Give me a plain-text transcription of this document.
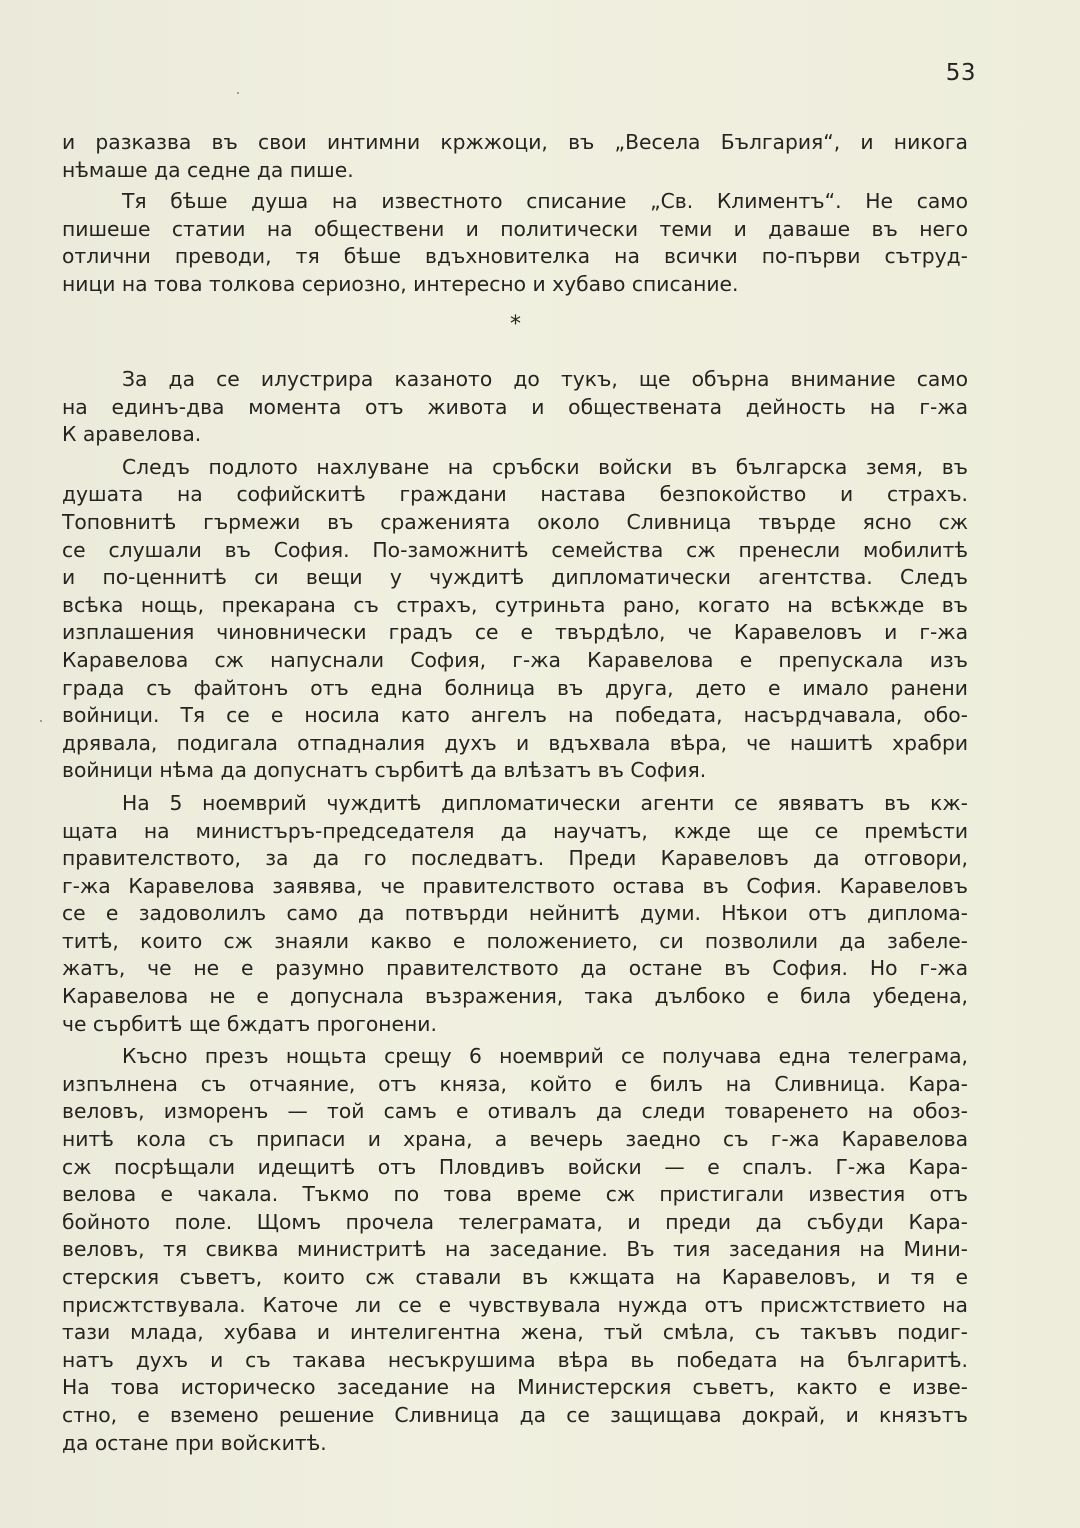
53
и разказва въ свои интимни кржжоци, въ „Весела България“, и никога
нѣмаше да седне да пише.
Тя бѣше душа на известното списание „Св. Климентъ“. Не само
пишеше статии на обществени и политически теми и даваше въ него
отлични преводи, тя бѣше вдъхновителка на всички по-първи сътруд-
ници на това толкова сериозно, интересно и хубаво списание.
*
За да се илустрира казаното до тукъ, ще обърна внимание само
на единъ-два момента отъ живота и обществената дейность на г-жа
К аравелова.
Следъ подлото нахлуване на сръбски войски въ българска земя, въ
душата на софийскитѣ граждани настава безпокойство и страхъ.
Топовнитѣ гърмежи въ сраженията около Сливница твърде ясно сж
се слушали въ София. По-заможнитѣ семейства сж пренесли мобилитѣ
и по-ценнитѣ си вещи у чуждитѣ дипломатически агентства. Следъ
всѣка нощь, прекарана съ страхъ, сутриньта рано, когато на всѣкжде въ
изплашения чиновнически градъ се е твърдѣло, че Каравеловъ и г-жа
Каравелова сж напуснали София, г-жа Каравелова е препускала изъ
града съ файтонъ отъ една болница въ друга, дето е имало ранени
войници. Тя се е носила като ангелъ на победата, насърдчавала, обо-
дрявала, подигала отпадналия духъ и вдъхвала вѣра, че нашитѣ храбри
войници нѣма да допуснатъ сърбитѣ да влѣзатъ въ София.
На 5 ноемврий чуждитѣ дипломатически агенти се явяватъ въ кж-
щата на министъръ-председателя да научатъ, кжде ще се премѣсти
правителството, за да го последватъ. Преди Каравеловъ да отговори,
г-жа Каравелова заявява, че правителството остава въ София. Каравеловъ
се е задоволилъ само да потвърди нейнитѣ думи. Нѣкои отъ диплома-
титѣ, които сж знаяли какво е положението, си позволили да забеле-
жатъ, че не е разумно правителството да остане въ София. Но г-жа
Каравелова не е допуснала възражения, така дълбоко е била убедена,
че сърбитѣ ще бждатъ прогонени.
Късно презъ нощьта срещу 6 ноемврий се получава една телеграма,
изпълнена съ отчаяние, отъ княза, който е билъ на Сливница. Кара-
веловъ, изморенъ — той самъ е отивалъ да следи товаренето на обоз-
нитѣ кола съ припаси и храна, а вечерь заедно съ г-жа Каравелова
сж посрѣщали идещитѣ отъ Пловдивъ войски — е спалъ. Г-жа Кара-
велова е чакала. Тъкмо по това време сж пристигали известия отъ
бойното поле. Щомъ прочела телеграмата, и преди да събуди Кара-
веловъ, тя свиква министритѣ на заседание. Въ тия заседания на Мини-
стерския съветъ, които сж ставали въ кжщата на Каравеловъ, и тя е
присжтствувала. Каточе ли се е чувствувала нужда отъ присжтствието на
тази млада, хубава и интелигентна жена, тъй смѣла, съ такъвъ подиг-
натъ духъ и съ такава несъкрушима вѣра вь победата на българитѣ.
На това историческо заседание на Министерския съветъ, както е изве-
стно, е вземено решение Сливница да се защищава докрай, и князътъ
да остане при войскитѣ.
